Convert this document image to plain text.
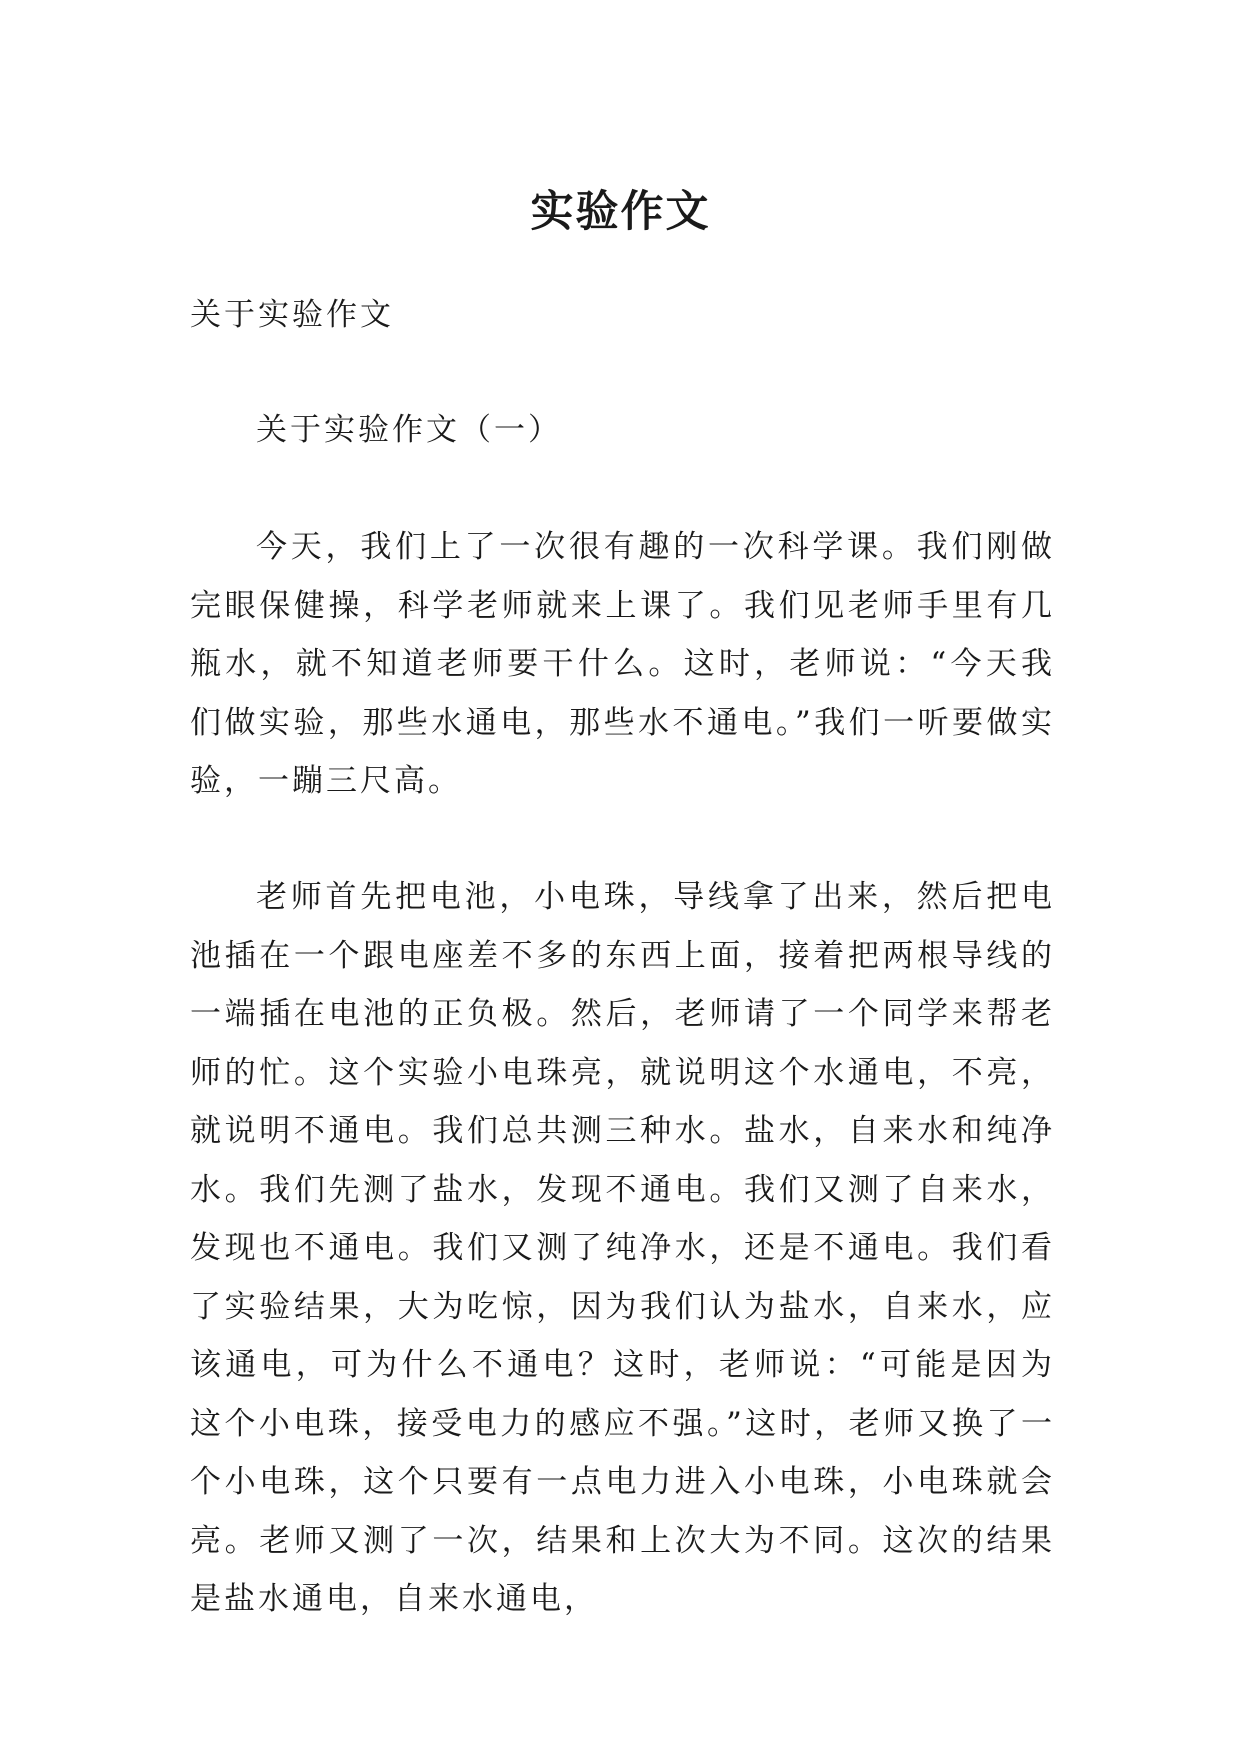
实验作文

关于实验作文

关于实验作文（一）

今天，我们上了一次很有趣的一次科学课。我们刚做完眼保健操，科学老师就来上课了。我们见老师手里有几瓶水，就不知道老师要干什么。这时，老师说：“今天我们做实验，那些水通电，那些水不通电。”我们一听要做实验，一蹦三尺高。

老师首先把电池，小电珠，导线拿了出来，然后把电池插在一个跟电座差不多的东西上面，接着把两根导线的一端插在电池的正负极。然后，老师请了一个同学来帮老师的忙。这个实验小电珠亮，就说明这个水通电，不亮，就说明不通电。我们总共测三种水。盐水，自来水和纯净水。我们先测了盐水，发现不通电。我们又测了自来水，发现也不通电。我们又测了纯净水，还是不通电。我们看了实验结果，大为吃惊，因为我们认为盐水，自来水，应该通电，可为什么不通电？这时，老师说：“可能是因为这个小电珠，接受电力的感应不强。”这时，老师又换了一个小电珠，这个只要有一点电力进入小电珠，小电珠就会亮。老师又测了一次，结果和上次大为不同。这次的结果是盐水通电，自来水通电，
